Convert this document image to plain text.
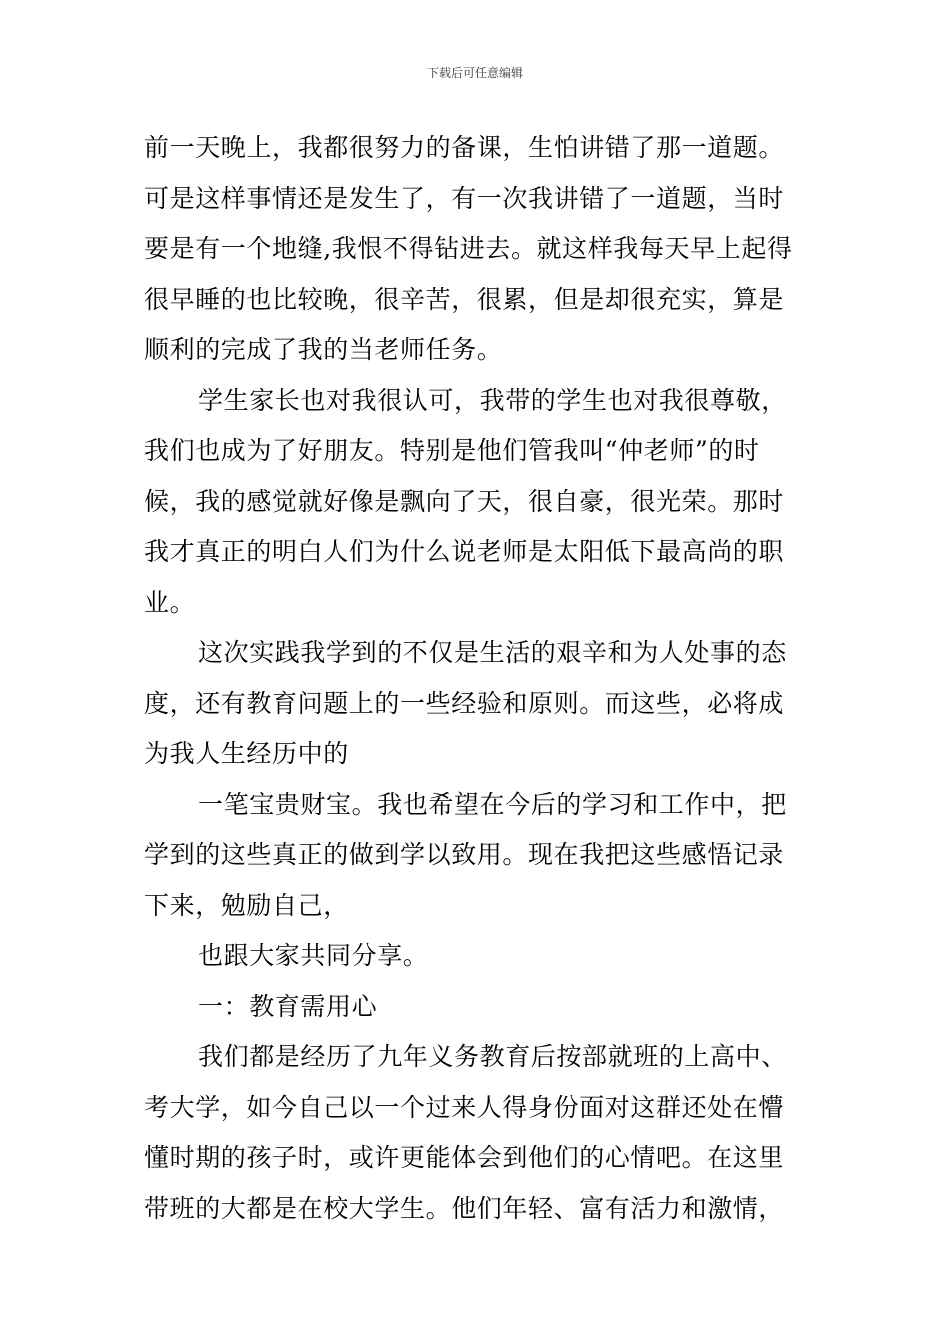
下载后可任意编辑
前一天晚上，我都很努力的备课，生怕讲错了那一道题。
可是这样事情还是发生了，有一次我讲错了一道题，当时
要是有一个地缝,我恨不得钻进去。就这样我每天早上起得
很早睡的也比较晚，很辛苦，很累，但是却很充实，算是
顺利的完成了我的当老师任务。
学生家长也对我很认可，我带的学生也对我很尊敬，
我们也成为了好朋友。特别是他们管我叫“仲老师”的时
候，我的感觉就好像是飘向了天，很自豪，很光荣。那时
我才真正的明白人们为什么说老师是太阳低下最高尚的职
业。
这次实践我学到的不仅是生活的艰辛和为人处事的态
度，还有教育问题上的一些经验和原则。而这些，必将成
为我人生经历中的
一笔宝贵财宝。我也希望在今后的学习和工作中，把
学到的这些真正的做到学以致用。现在我把这些感悟记录
下来，勉励自己，
也跟大家共同分享。
一：教育需用心
我们都是经历了九年义务教育后按部就班的上高中、
考大学，如今自己以一个过来人得身份面对这群还处在懵
懂时期的孩子时，或许更能体会到他们的心情吧。在这里
带班的大都是在校大学生。他们年轻、富有活力和激情，
